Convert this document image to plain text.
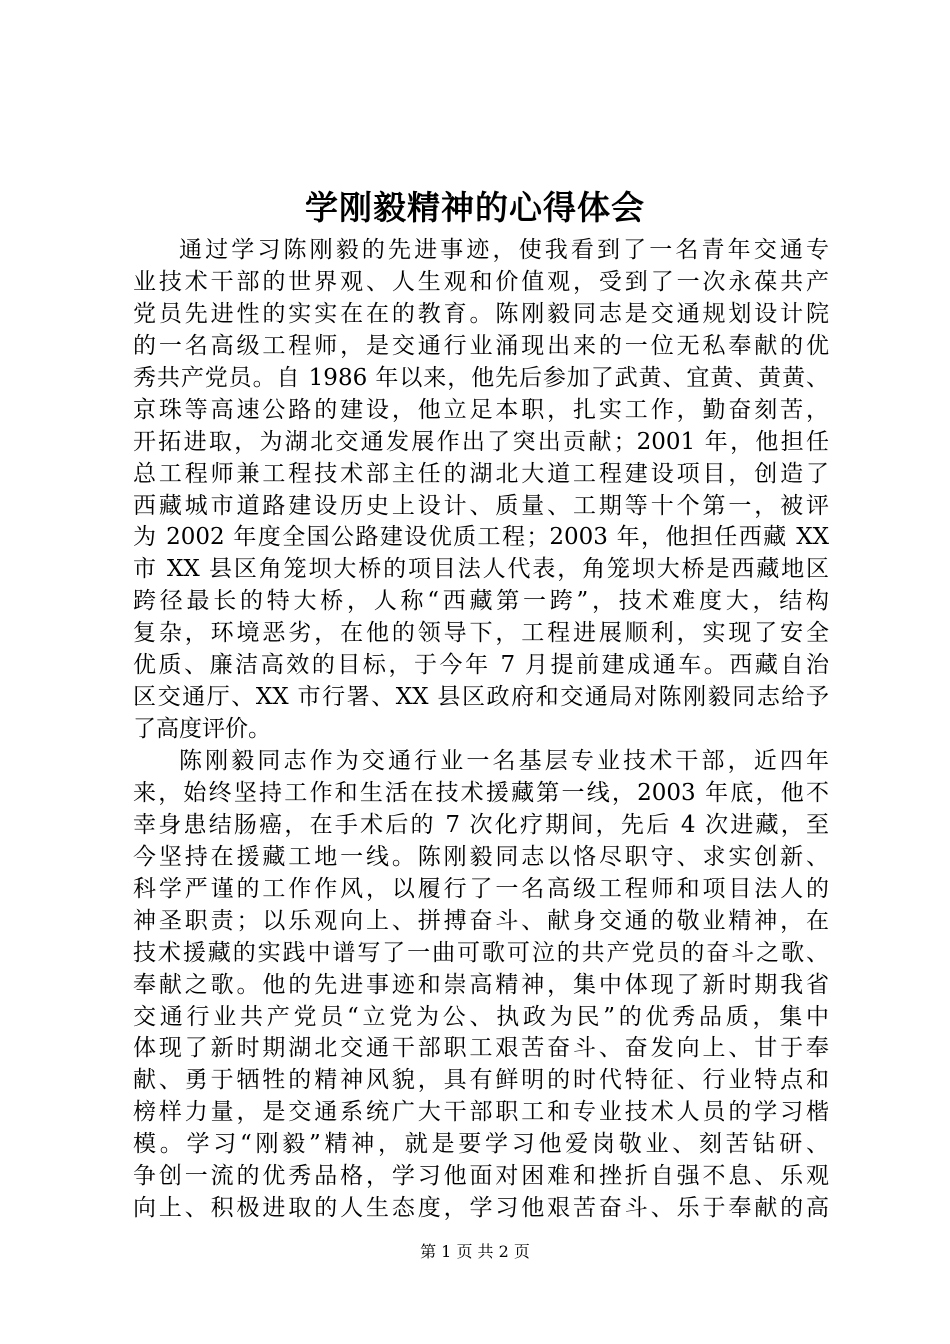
学刚毅精神的心得体会
通过学习陈刚毅的先进事迹，使我看到了一名青年交通专
业技术干部的世界观、人生观和价值观，受到了一次永葆共产
党员先进性的实实在在的教育。陈刚毅同志是交通规划设计院
的一名高级工程师，是交通行业涌现出来的一位无私奉献的优
秀共产党员。自 1986 年以来，他先后参加了武黄、宜黄、黄黄、
京珠等高速公路的建设，他立足本职，扎实工作，勤奋刻苦，
开拓进取，为湖北交通发展作出了突出贡献；2001 年，他担任
总工程师兼工程技术部主任的湖北大道工程建设项目，创造了
西藏城市道路建设历史上设计、质量、工期等十个第一，被评
为 2002 年度全国公路建设优质工程；2003 年，他担任西藏 XX
市 XX 县区角笼坝大桥的项目法人代表，角笼坝大桥是西藏地区
跨径最长的特大桥，人称“西藏第一跨”，技术难度大，结构
复杂，环境恶劣，在他的领导下，工程进展顺利，实现了安全
优质、廉洁高效的目标，于今年 7 月提前建成通车。西藏自治
区交通厅、XX 市行署、XX 县区政府和交通局对陈刚毅同志给予
了高度评价。
陈刚毅同志作为交通行业一名基层专业技术干部，近四年
来，始终坚持工作和生活在技术援藏第一线，2003 年底，他不
幸身患结肠癌，在手术后的 7 次化疗期间，先后 4 次进藏，至
今坚持在援藏工地一线。陈刚毅同志以恪尽职守、求实创新、
科学严谨的工作作风，以履行了一名高级工程师和项目法人的
神圣职责；以乐观向上、拼搏奋斗、献身交通的敬业精神，在
技术援藏的实践中谱写了一曲可歌可泣的共产党员的奋斗之歌、
奉献之歌。他的先进事迹和崇高精神，集中体现了新时期我省
交通行业共产党员“立党为公、执政为民”的优秀品质，集中
体现了新时期湖北交通干部职工艰苦奋斗、奋发向上、甘于奉
献、勇于牺牲的精神风貌，具有鲜明的时代特征、行业特点和
榜样力量，是交通系统广大干部职工和专业技术人员的学习楷
模。学习“刚毅”精神，就是要学习他爱岗敬业、刻苦钻研、
争创一流的优秀品格，学习他面对困难和挫折自强不息、乐观
向上、积极进取的人生态度，学习他艰苦奋斗、乐于奉献的高
第 1 页 共 2 页
